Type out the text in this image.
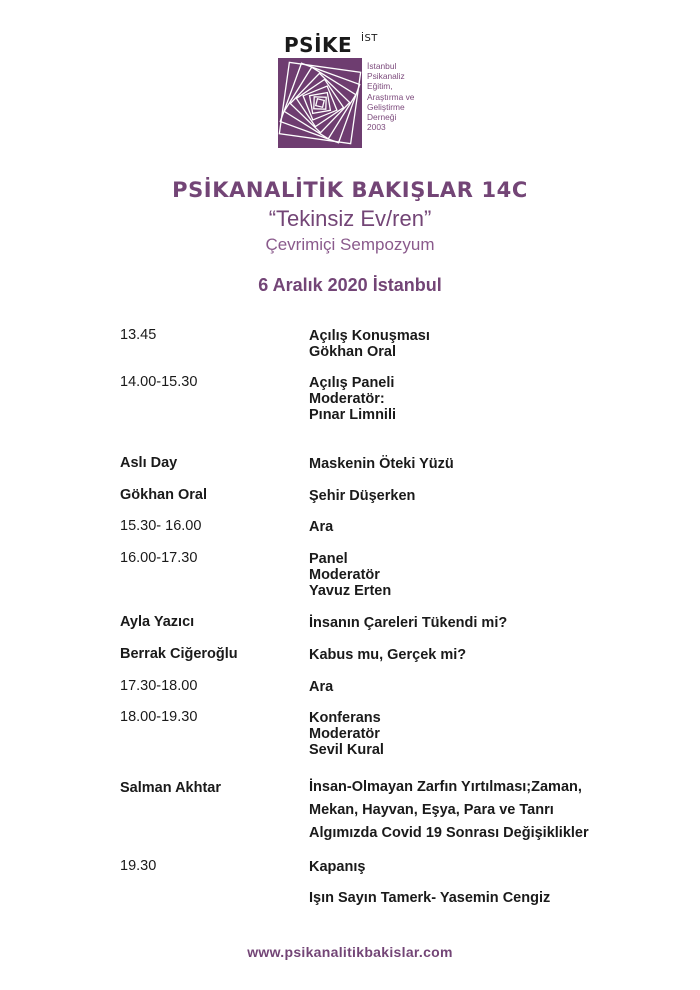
PSİKE İST
İstanbul
Psikanaliz
Eğitim,
Araştırma ve
Geliştirme
Derneği
2003
PSİKANALİTİK BAKIŞLAR 14C
“Tekinsiz Ev/ren”
Çevrimiçi Sempozyum
6 Aralık 2020 İstanbul
13.45	Açılış Konuşması
Gökhan Oral
14.00-15.30	Açılış Paneli
Moderatör:
Pınar Limnili
Aslı Day	Maskenin Öteki Yüzü
Gökhan Oral	Şehir Düşerken
15.30- 16.00	Ara
16.00-17.30	Panel
Moderatör
Yavuz Erten
Ayla Yazıcı	İnsanın Çareleri Tükendi mi?
Berrak Ciğeroğlu	Kabus mu, Gerçek mi?
17.30-18.00	Ara
18.00-19.30	Konferans
Moderatör
Sevil Kural
Salman Akhtar	İnsan-Olmayan Zarfın Yırtılması;Zaman,
Mekan, Hayvan, Eşya, Para ve Tanrı
Algımızda Covid 19 Sonrası Değişiklikler
19.30	Kapanış
Işın Sayın Tamerk- Yasemin Cengiz
www.psikanalitikbakislar.com
